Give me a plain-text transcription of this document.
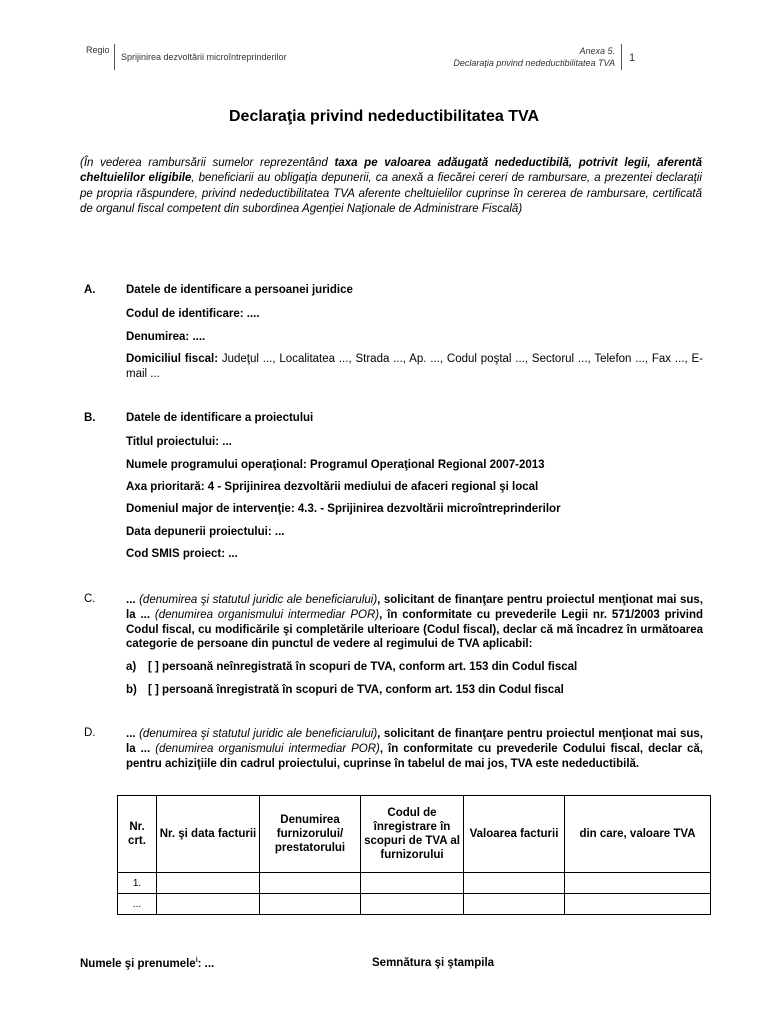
Regio
Sprijinirea dezvoltării microîntreprinderilor
Anexa 5.
Declaraţia privind nedeductibilitatea TVA 1
Declaraţia privind nedeductibilitatea TVA
(În vederea rambursării sumelor reprezentând taxa pe valoarea adăugată nedeductibilă, potrivit legii, aferentă cheltuielilor eligibile, beneficiarii au obligaţia depunerii, ca anexă a fiecărei cereri de rambursare, a prezentei declaraţii pe propria răspundere, privind nedeductibilitatea TVA aferente cheltuielilor cuprinse în cererea de rambursare, certificată de organul fiscal competent din subordinea Agenţiei Naţionale de Administrare Fiscală)
A.	Datele de identificare a persoanei juridice
Codul de identificare: ....
Denumirea: ....
Domiciliul fiscal: Judeţul ..., Localitatea ..., Strada ..., Ap. ..., Codul poştal ..., Sectorul ..., Telefon ..., Fax ..., E-mail ...
B.	Datele de identificare a proiectului
Titlul proiectului: ...
Numele programului operaţional: Programul Operaţional Regional 2007-2013
Axa prioritară: 4 - Sprijinirea dezvoltării mediului de afaceri regional şi local
Domeniul major de intervenţie: 4.3. - Sprijinirea dezvoltării microîntreprinderilor
Data depunerii proiectului: ...
Cod SMIS proiect: ...
C.	... (denumirea şi statutul juridic ale beneficiarului), solicitant de finanţare pentru proiectul menţionat mai sus, la ... (denumirea organismului intermediar POR), în conformitate cu prevederile Legii nr. 571/2003 privind Codul fiscal, cu modificările şi completările ulterioare (Codul fiscal), declar că mă încadrez în următoarea categorie de persoane din punctul de vedere al regimului de TVA aplicabil:
a) [ ] persoană neînregistrată în scopuri de TVA, conform art. 153 din Codul fiscal
b) [ ] persoană înregistrată în scopuri de TVA, conform art. 153 din Codul fiscal
D.	... (denumirea şi statutul juridic ale beneficiarului), solicitant de finanţare pentru proiectul menţionat mai sus, la ... (denumirea organismului intermediar POR), în conformitate cu prevederile Codului fiscal, declar că, pentru achiziţiile din cadrul proiectului, cuprinse în tabelul de mai jos, TVA este nedeductibilă.
Nr. crt.	Nr. şi data facturii	Denumirea furnizorului/ prestatorului	Codul de înregistrare în scopuri de TVA al furnizorului	Valoarea facturii	din care, valoare TVA
1.					
...					
Numele şi prenumele$^i$: ...	Semnătura şi ştampila
